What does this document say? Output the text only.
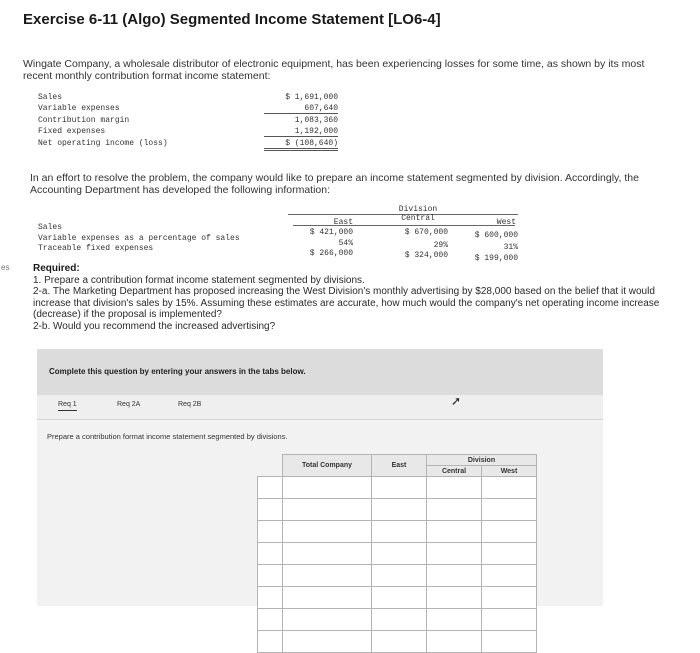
Exercise 6-11 (Algo) Segmented Income Statement [LO6-4]
Wingate Company, a wholesale distributor of electronic equipment, has been experiencing losses for some time, as shown by its most recent monthly contribution format income statement:
Sales	$ 1,691,000
Variable expenses	607,640
Contribution margin	1,083,360
Fixed expenses	1,192,000
Net operating income (loss)	$ (108,640)
In an effort to resolve the problem, the company would like to prepare an income statement segmented by division. Accordingly, the Accounting Department has developed the following information:
Division
East	Central	West
Sales
$ 421,000	$ 670,000	$ 600,000
Variable expenses as a percentage of sales
54%	29%	31%
Traceable fixed expenses
$ 266,000	$ 324,000	$ 199,000
es Required:
1. Prepare a contribution format income statement segmented by divisions.
2-a. The Marketing Department has proposed increasing the West Division's monthly advertising by $28,000 based on the belief that it would increase that division's sales by 15%. Assuming these estimates are accurate, how much would the company's net operating income increase (decrease) if the proposal is implemented?
2-b. Would you recommend the increased advertising?
Complete this question by entering your answers in the tabs below.
Req 1	Req 2A	Req 2B
Prepare a contribution format income statement segmented by divisions.
	Total Company	East	Division	
			Central	West

➚
